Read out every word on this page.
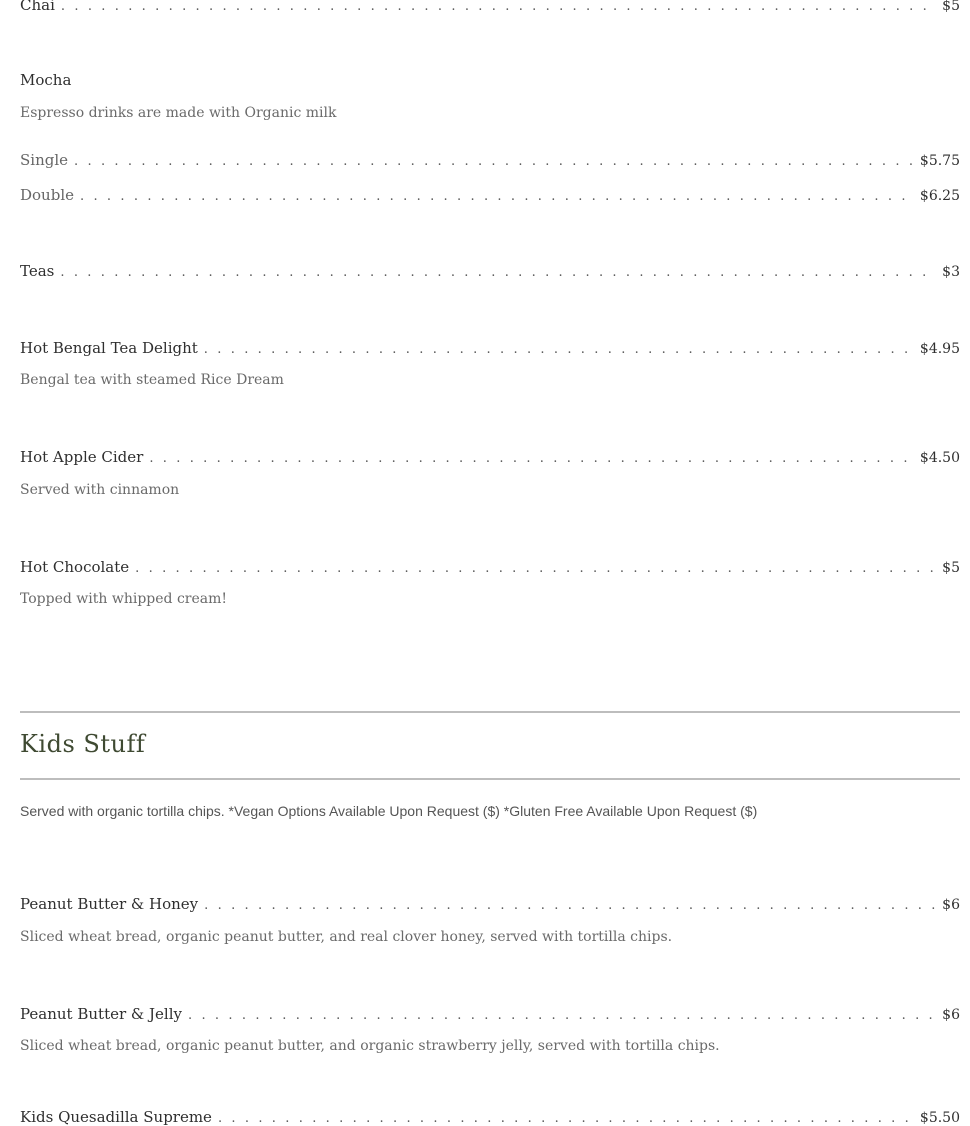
Chai . . .	$5
Mocha
Espresso drinks are made with Organic milk
Single . . .	$5.75
Double . . .	$6.25
Teas . . .	$3
Hot Bengal Tea Delight . . .	$4.95
Bengal tea with steamed Rice Dream
Hot Apple Cider . . .	$4.50
Served with cinnamon
Hot Chocolate . . .	$5
Topped with whipped cream!
Kids Stuff
Served with organic tortilla chips. *Vegan Options Available Upon Request ($) *Gluten Free Available Upon Request ($)
Peanut Butter & Honey . . .	$6
Sliced wheat bread, organic peanut butter, and real clover honey, served with tortilla chips.
Peanut Butter & Jelly . . .	$6
Sliced wheat bread, organic peanut butter, and organic strawberry jelly, served with tortilla chips.
Kids Quesadilla Supreme . . .	$5.50
